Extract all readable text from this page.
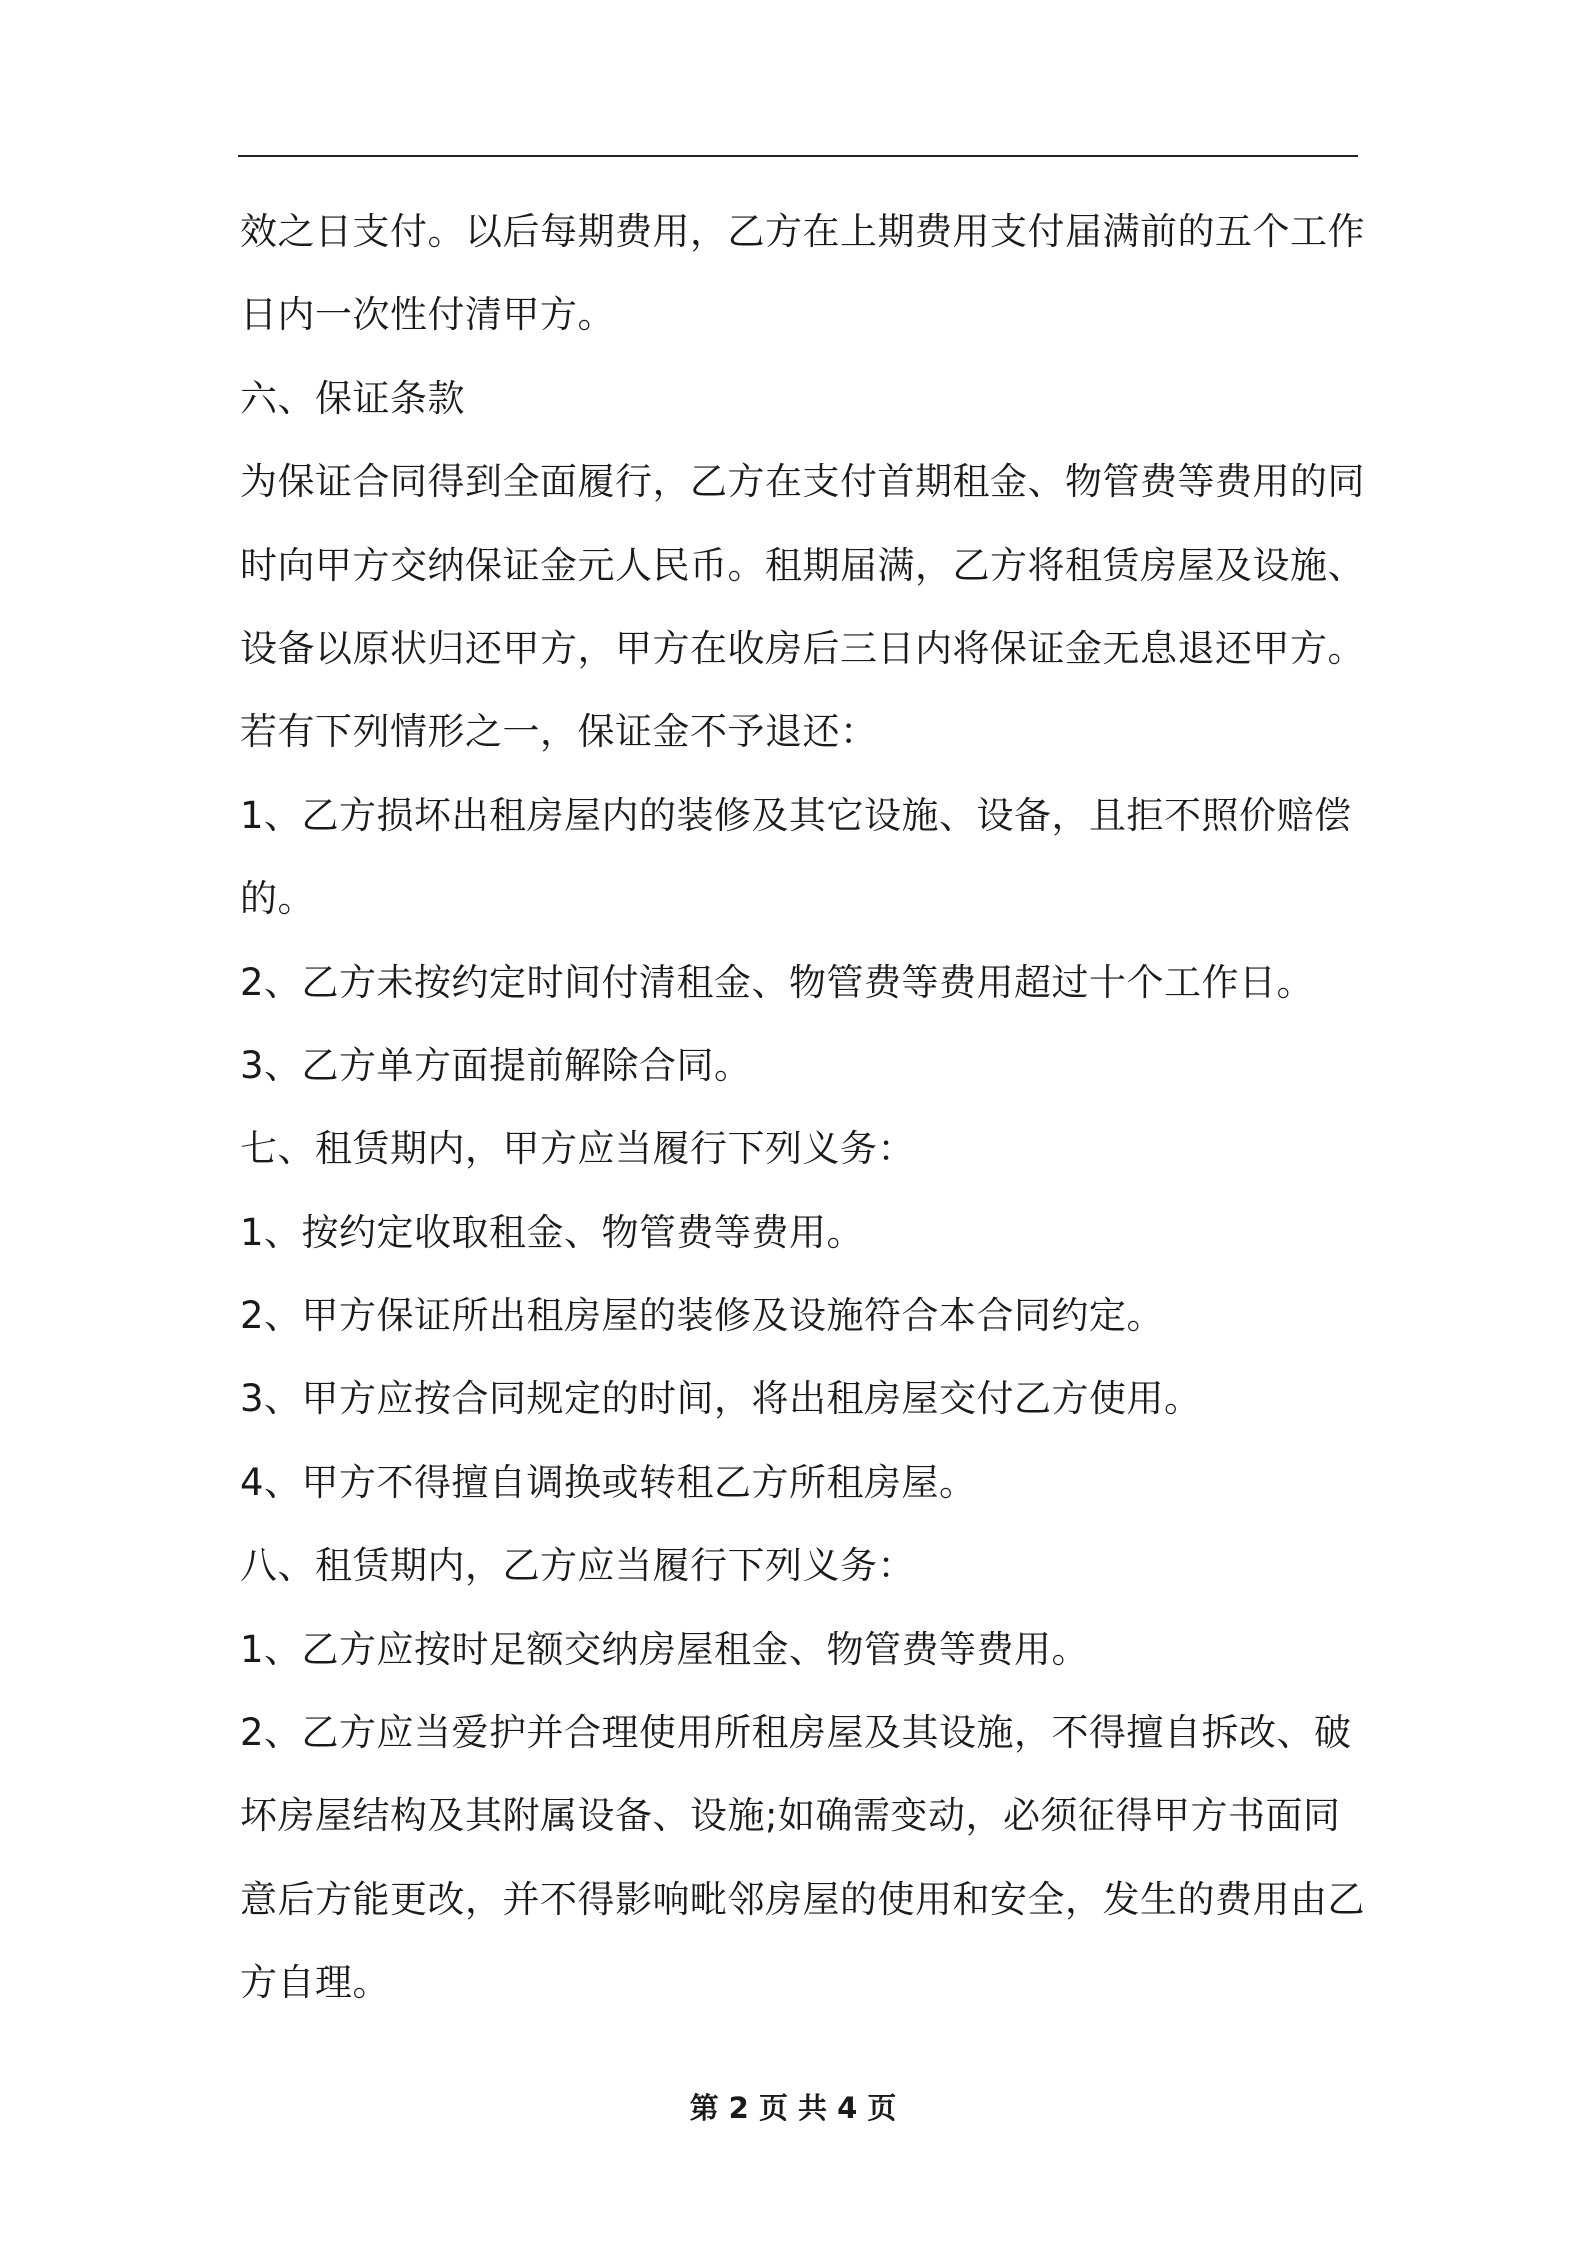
效之日支付。以后每期费用，乙方在上期费用支付届满前的五个工作
日内一次性付清甲方。
六、保证条款
为保证合同得到全面履行，乙方在支付首期租金、物管费等费用的同
时向甲方交纳保证金元人民币。租期届满，乙方将租赁房屋及设施、
设备以原状归还甲方，甲方在收房后三日内将保证金无息退还甲方。
若有下列情形之一，保证金不予退还：
1、乙方损坏出租房屋内的装修及其它设施、设备，且拒不照价赔偿
的。
2、乙方未按约定时间付清租金、物管费等费用超过十个工作日。
3、乙方单方面提前解除合同。
七、租赁期内，甲方应当履行下列义务：
1、按约定收取租金、物管费等费用。
2、甲方保证所出租房屋的装修及设施符合本合同约定。
3、甲方应按合同规定的时间，将出租房屋交付乙方使用。
4、甲方不得擅自调换或转租乙方所租房屋。
八、租赁期内，乙方应当履行下列义务：
1、乙方应按时足额交纳房屋租金、物管费等费用。
2、乙方应当爱护并合理使用所租房屋及其设施，不得擅自拆改、破
坏房屋结构及其附属设备、设施;如确需变动，必须征得甲方书面同
意后方能更改，并不得影响毗邻房屋的使用和安全，发生的费用由乙
方自理。
第 2 页 共 4 页
